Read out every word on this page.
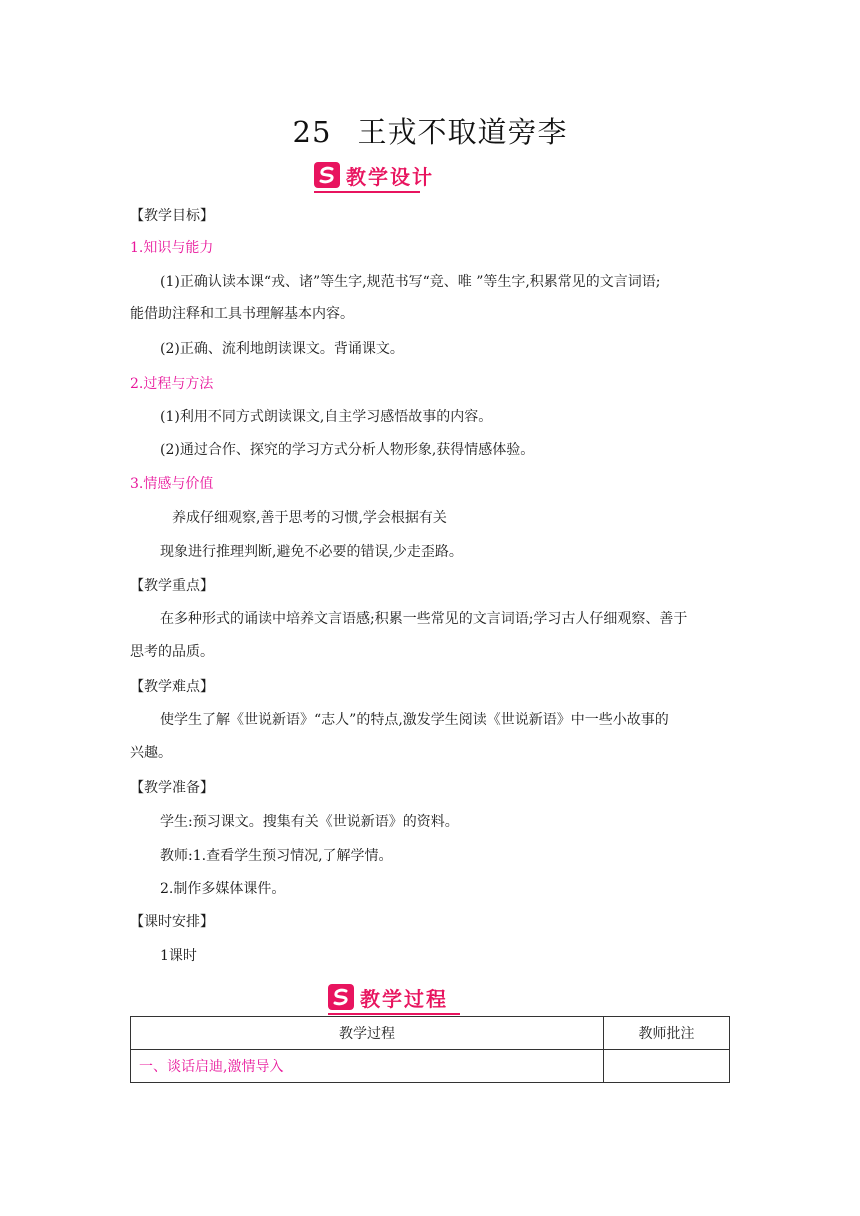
25 王戎不取道旁李
教学设计
【教学目标】
1.知识与能力
(1)正确认读本课“戎、诸”等生字,规范书写“竞、唯 ”等生字,积累常见的文言词语;
能借助注释和工具书理解基本内容。
(2)正确、流利地朗读课文。背诵课文。
2.过程与方法
(1)利用不同方式朗读课文,自主学习感悟故事的内容。
(2)通过合作、探究的学习方式分析人物形象,获得情感体验。
3.情感与价值
养成仔细观察,善于思考的习惯,学会根据有关
现象进行推理判断,避免不必要的错误,少走歪路。
【教学重点】
在多种形式的诵读中培养文言语感;积累一些常见的文言词语;学习古人仔细观察、善于
思考的品质。
【教学难点】
使学生了解《世说新语》“志人”的特点,激发学生阅读《世说新语》中一些小故事的
兴趣。
【教学准备】
学生:预习课文。搜集有关《世说新语》的资料。
教师:1.查看学生预习情况,了解学情。
2.制作多媒体课件。
【课时安排】
1课时
教学过程
教学过程	教师批注
一、谈话启迪,激情导入	
